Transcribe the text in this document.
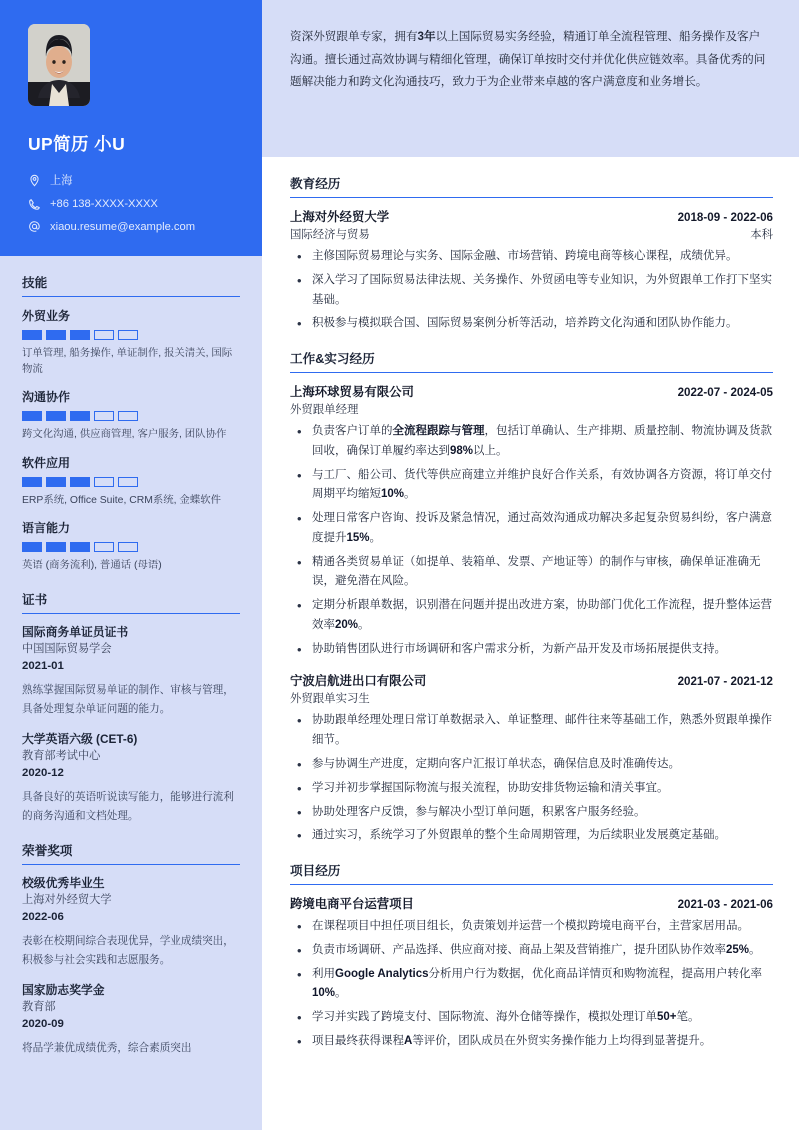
UP简历 小U
上海
+86 138-XXXX-XXXX
xiaou.resume@example.com
技能
外贸业务
订单管理, 船务操作, 单证制作, 报关清关, 国际物流
沟通协作
跨文化沟通, 供应商管理, 客户服务, 团队协作
软件应用
ERP系统, Office Suite, CRM系统, 金蝶软件
语言能力
英语 (商务流利), 普通话 (母语)
证书
国际商务单证员证书
中国国际贸易学会
2021-01
熟练掌握国际贸易单证的制作、审核与管理，具备处理复杂单证问题的能力。
大学英语六级 (CET-6)
教育部考试中心
2020-12
具备良好的英语听说读写能力，能够进行流利的商务沟通和文档处理。
荣誉奖项
校级优秀毕业生
上海对外经贸大学
2022-06
表彰在校期间综合表现优异，学业成绩突出，积极参与社会实践和志愿服务。
国家励志奖学金
教育部
2020-09
将品学兼优成绩优秀，综合素质突出

资深外贸跟单专家，拥有3年以上国际贸易实务经验，精通订单全流程管理、船务操作及客户沟通。擅长通过高效协调与精细化管理，确保订单按时交付并优化供应链效率。具备优秀的问题解决能力和跨文化沟通技巧，致力于为企业带来卓越的客户满意度和业务增长。

教育经历
上海对外经贸大学	2018-09 - 2022-06
国际经济与贸易	本科
• 主修国际贸易理论与实务、国际金融、市场营销、跨境电商等核心课程，成绩优异。
• 深入学习了国际贸易法律法规、关务操作、外贸函电等专业知识，为外贸跟单工作打下坚实基础。
• 积极参与模拟联合国、国际贸易案例分析等活动，培养跨文化沟通和团队协作能力。
工作&实习经历
上海环球贸易有限公司	2022-07 - 2024-05
外贸跟单经理
• 负责客户订单的全流程跟踪与管理，包括订单确认、生产排期、质量控制、物流协调及货款回收，确保订单履约率达到98%以上。
• 与工厂、船公司、货代等供应商建立并维护良好合作关系，有效协调各方资源，将订单交付周期平均缩短10%。
• 处理日常客户咨询、投诉及紧急情况，通过高效沟通成功解决多起复杂贸易纠纷，客户满意度提升15%。
• 精通各类贸易单证（如提单、装箱单、发票、产地证等）的制作与审核，确保单证准确无误，避免潜在风险。
• 定期分析跟单数据，识别潜在问题并提出改进方案，协助部门优化工作流程，提升整体运营效率20%。
• 协助销售团队进行市场调研和客户需求分析，为新产品开发及市场拓展提供支持。
宁波启航进出口有限公司	2021-07 - 2021-12
外贸跟单实习生
• 协助跟单经理处理日常订单数据录入、单证整理、邮件往来等基础工作，熟悉外贸跟单操作细节。
• 参与协调生产进度，定期向客户汇报订单状态，确保信息及时准确传达。
• 学习并初步掌握国际物流与报关流程，协助安排货物运输和清关事宜。
• 协助处理客户反馈，参与解决小型订单问题，积累客户服务经验。
• 通过实习，系统学习了外贸跟单的整个生命周期管理，为后续职业发展奠定基础。
项目经历
跨境电商平台运营项目	2021-03 - 2021-06
• 在课程项目中担任项目组长，负责策划并运营一个模拟跨境电商平台，主营家居用品。
• 负责市场调研、产品选择、供应商对接、商品上架及营销推广，提升团队协作效率25%。
• 利用Google Analytics分析用户行为数据，优化商品详情页和购物流程，提高用户转化率10%。
• 学习并实践了跨境支付、国际物流、海外仓储等操作，模拟处理订单50+笔。
• 项目最终获得课程A等评价，团队成员在外贸实务操作能力上均得到显著提升。
